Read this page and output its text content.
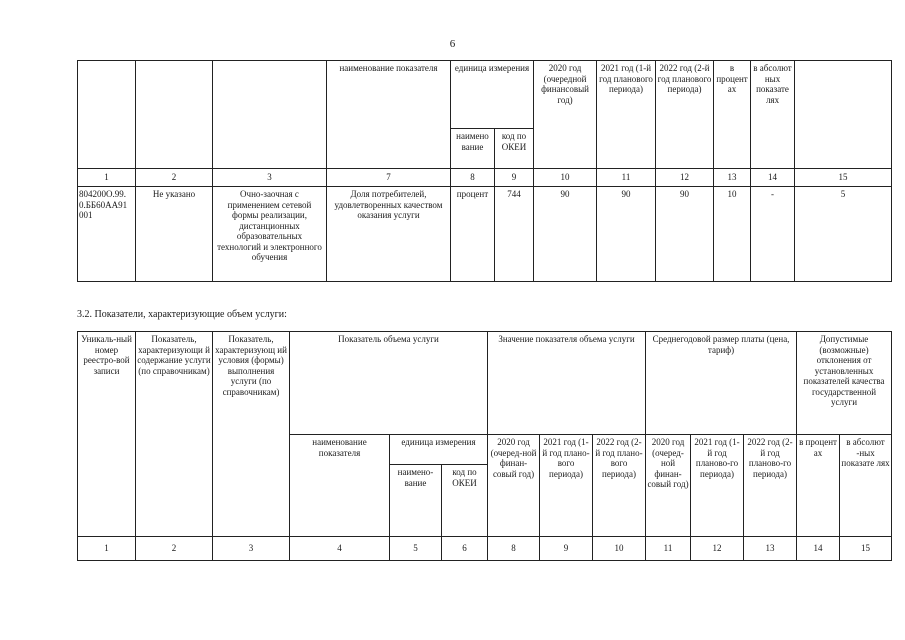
6
			наименование показателя	единица измерения		2020 год (очередной финансовый год)	2021 год (1-й год планового периода)	2022 год (2-й год планового периода)	в процент ах	в абсолют ных показате лях	
				наимено вание	код по ОКЕИ						
1	2	3	7	8	9	10	11	12	13	14	15
804200О.99. 0.ББ60АА91 001	Не указано	Очно-заочная с применением сетевой формы реализации, дистанционных образовательных технологий и электронного обучения	Доля потребителей, удовлетворенных качеством оказания услуги	процент	744	90	90	90	10	-	5
3.2. Показатели, характеризующие объем услуги:
Уникаль-ный номер реестро-вой записи	Показатель, характеризующи й содержание услуги (по справочникам)	Показатель, характеризующ ий условия (формы) выполнения услуги (по справочникам)	Показатель объема услуги			Значение показателя объема услуги			Среднегодовой размер платы (цена, тариф)			Допустимые (возможные) отклонения от установленных показателей качества государственной услуги	
			наименование показателя	единица измерения		2020 год (очеред-ной финан-совый год)	2021 год (1-й год плано-вого периода)	2022 год (2-й год плано-вого периода)	2020 год (очеред-ной финан-совый год)	2021 год (1-й год планово-го периода)	2022 год (2-й год планово-го периода)	в процент ах	в абсолют -ных показате лях
				наимено-вание	код по ОКЕИ								
1	2	3	4	5	6	8	9	10	11	12	13	14	15
